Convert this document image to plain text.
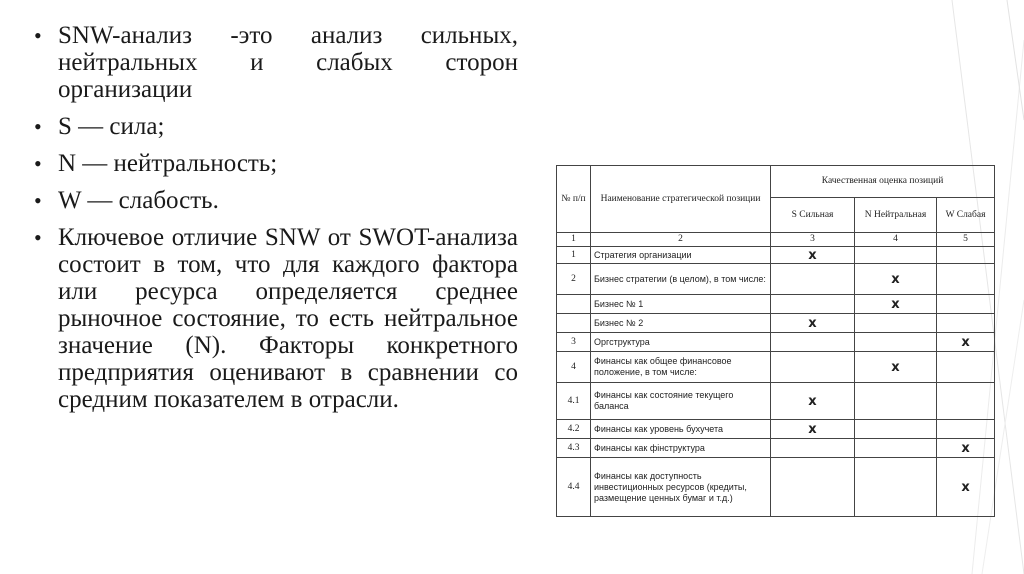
• SNW-анализ -это анализ сильных, нейтральных и слабых сторон организации
• S — сила;
• N — нейтральность;
• W — слабость.
• Ключевое отличие SNW от SWOT-анализа состоит в том, что для каждого фактора или ресурса определяется среднее рыночное состояние, то есть нейтральное значение (N). Факторы конкретного предприятия оценивают в сравнении со средним показателем в отрасли.
№ п/п	Наименование стратегической позиции	Качественная оценка позиций		
		S Сильная	N Нейтральная	W Слабая
1	2	3	4	5
1	Стратегия организации	x		
2	Бизнес стратегии (в целом), в том числе:		x	
	Бизнес № 1		x	
	Бизнес № 2	x		
3	Оргструктура			x
4	Финансы как общее финансовое положение, в том числе:		x	
4.1	Финансы как состояние текущего баланса	x		
4.2	Финансы как уровень бухучета	x		
4.3	Финансы как фінструктура			x
4.4	Финансы как доступность инвестиционных ресурсов (кредиты, размещение ценных бумаг и т.д.)			x
